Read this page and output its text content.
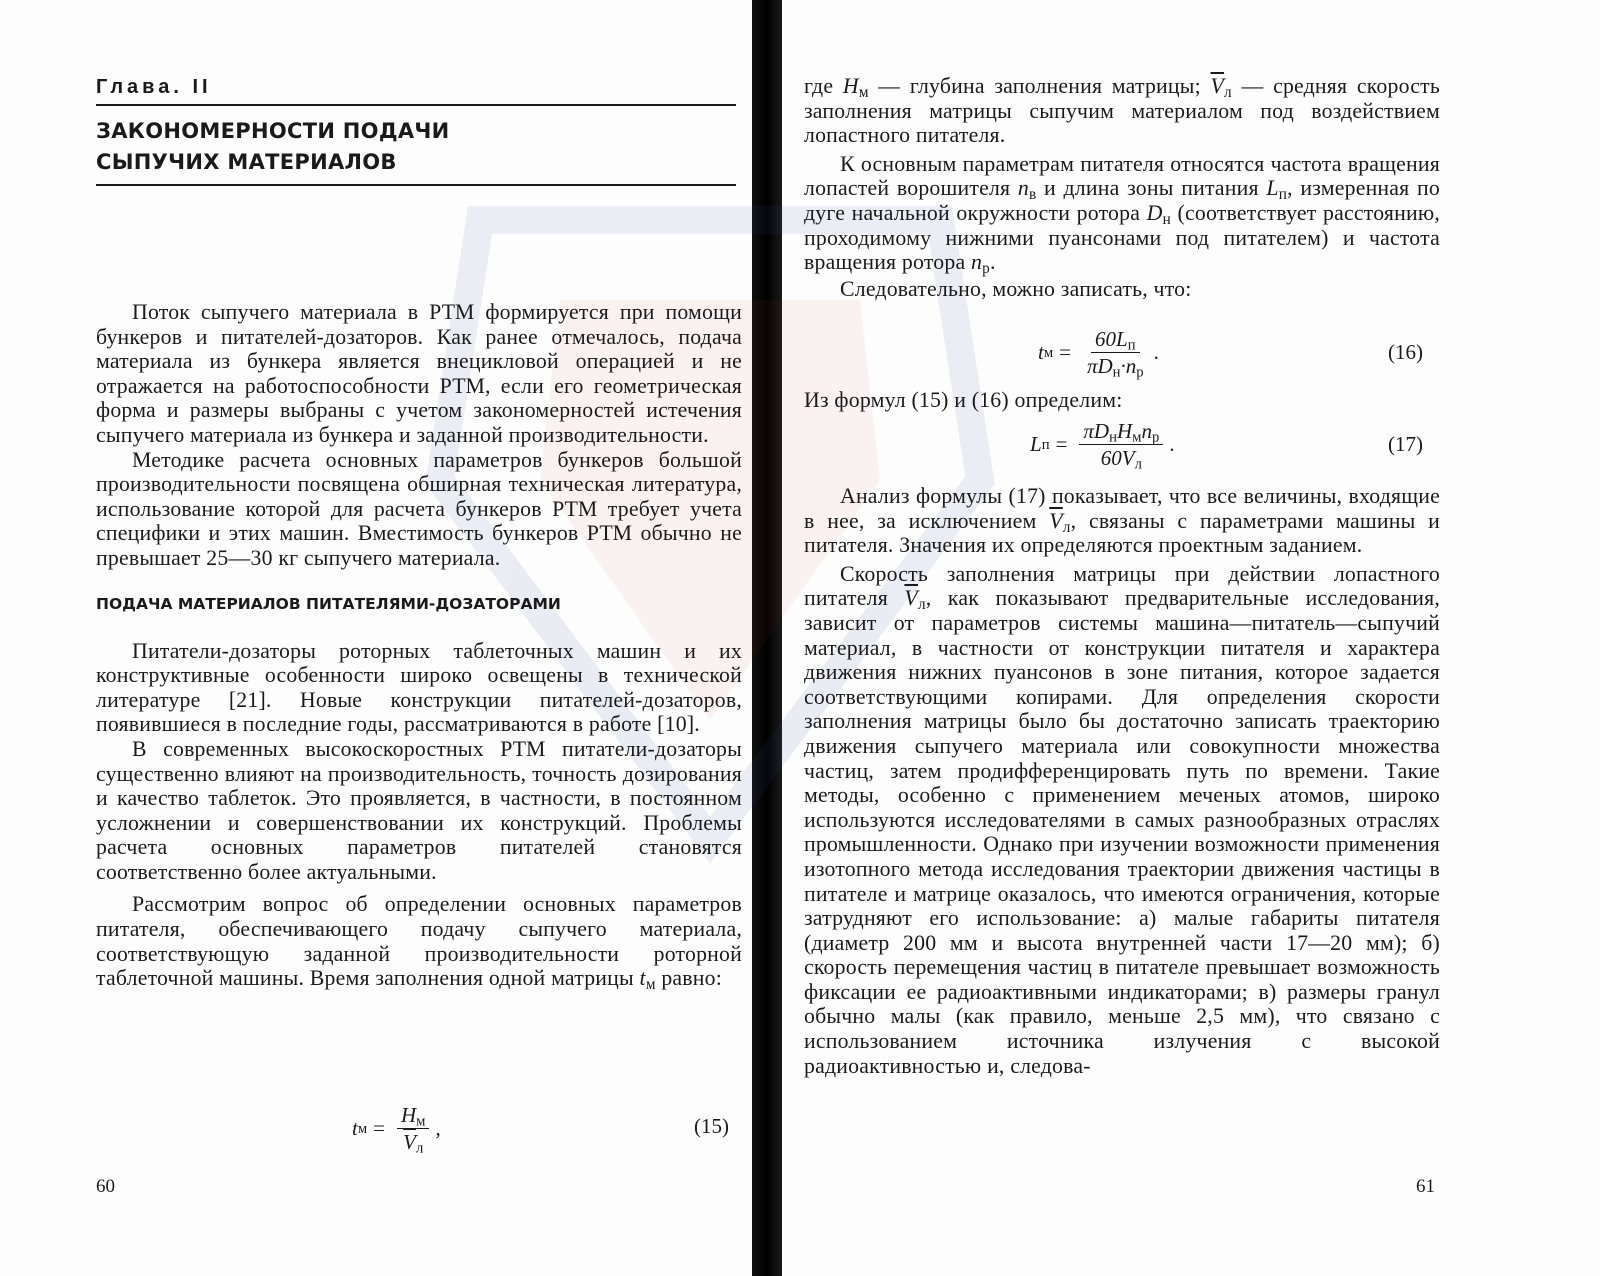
Глава. II
ЗАКОНОМЕРНОСТИ ПОДАЧИ
СЫПУЧИХ МАТЕРИАЛОВ

Поток сыпучего материала в РТМ формируется при помощи бункеров и питателей-дозаторов. Как ранее отмечалось, подача материала из бункера является внецикловой операцией и не отражается на работоспособности РТМ, если его геометрическая форма и размеры выбраны с учетом закономерностей истечения сыпучего материала из бункера и заданной производительности.

Методике расчета основных параметров бункеров большой производительности посвящена обширная техническая литература, использование которой для расчета бункеров РТМ требует учета специфики и этих машин. Вместимость бункеров РТМ обычно не превышает 25—30 кг сыпучего материала.

ПОДАЧА МАТЕРИАЛОВ ПИТАТЕЛЯМИ-ДОЗАТОРАМИ

Питатели-дозаторы роторных таблеточных машин и их конструктивные особенности широко освещены в технической литературе [21]. Новые конструкции питателей-дозаторов, появившиеся в последние годы, рассматриваются в работе [10].

В современных высокоскоростных РТМ питатели-дозаторы существенно влияют на производительность, точность дозирования и качество таблеток. Это проявляется, в частности, в постоянном усложнении и совершенствовании их конструкций. Проблемы расчета основных параметров питателей становятся соответственно более актуальными.

Рассмотрим вопрос об определении основных параметров питателя, обеспечивающего подачу сыпучего материала, соответствующую заданной производительности роторной таблеточной машины. Время заполнения одной матрицы $t_м$ равно:

t $м = \frac{H_м}{\overline{V}_л}$ ,	(15)
60

где $H_м$ — глубина заполнения матрицы; $\overline{V}_л$ — средняя скорость заполнения матрицы сыпучим материалом под воздействием лопастного питателя.

К основным параметрам питателя относятся частота вращения лопастей ворошителя $n_в$ и длина зоны питания $L_п$, измеренная по дуге начальной окружности ротора $D_н$ (соответствует расстоянию, проходимому нижними пуансонами под питателем) и частота вращения ротора $n_р$.

Следовательно, можно записать, что:

t $м = \frac{60L_п}{\pi D_н\cdot n_р}$ .	(16)

Из формул (15) и (16) определим:

L $п = \frac{\pi D_нH_мn_р}{60V_л}$ .	(17)

Анализ формулы (17) показывает, что все величины, входящие в нее, за исключением $\overline{V}_л$, связаны с параметрами машины и питателя. Значения их определяются проектным заданием.

Скорость заполнения матрицы при действии лопастного питателя $\overline{V}_л$, как показывают предварительные исследования, зависит от параметров системы машина—питатель—сыпучий материал, в частности от конструкции питателя и характера движения нижних пуансонов в зоне питания, которое задается соответствующими копирами. Для определения скорости заполнения матрицы было бы достаточно записать траекторию движения сыпучего материала или совокупности множества частиц, затем продифференцировать путь по времени. Такие методы, особенно с применением меченых атомов, широко используются исследователями в самых разнообразных отраслях промышленности. Однако при изучении возможности применения изотопного метода исследования траектории движения частицы в питателе и матрице оказалось, что имеются ограничения, которые затрудняют его использование: а) малые габариты питателя (диаметр 200 мм и высота внутренней части 17—20 мм); б) скорость перемещения частиц в питателе превышает возможность фиксации ее радиоактивными индикаторами; в) размеры гранул обычно малы (как правило, меньше 2,5 мм), что связано с использованием источника излучения с высокой радиоактивностью и, следова-

61
